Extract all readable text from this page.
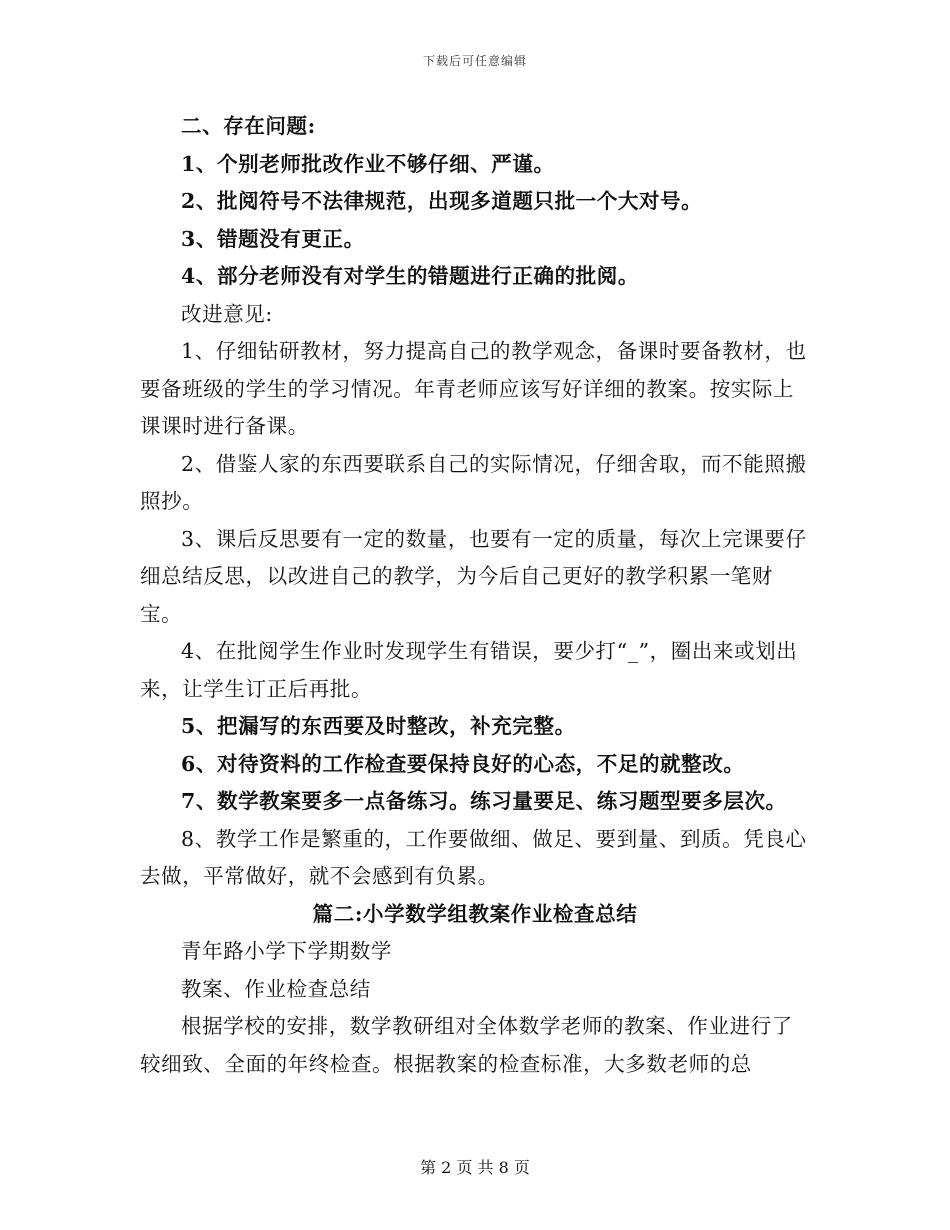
下载后可任意编辑

二、存在问题:

1、个别老师批改作业不够仔细、严谨。

2、批阅符号不法律规范，出现多道题只批一个大对号。

3、错题没有更正。

4、部分老师没有对学生的错题进行正确的批阅。

改进意见:

1、仔细钻研教材，努力提高自己的教学观念，备课时要备教材，也要备班级的学生的学习情况。年青老师应该写好详细的教案。按实际上课课时进行备课。

2、借鉴人家的东西要联系自己的实际情况，仔细舍取，而不能照搬照抄。

3、课后反思要有一定的数量，也要有一定的质量，每次上完课要仔细总结反思，以改进自己的教学，为今后自己更好的教学积累一笔财宝。

4、在批阅学生作业时发现学生有错误，要少打“_”，圈出来或划出来，让学生订正后再批。

5、把漏写的东西要及时整改，补充完整。

6、对待资料的工作检查要保持良好的心态，不足的就整改。

7、数学教案要多一点备练习。练习量要足、练习题型要多层次。

8、教学工作是繁重的，工作要做细、做足、要到量、到质。凭良心去做，平常做好，就不会感到有负累。

篇二:小学数学组教案作业检查总结

青年路小学下学期数学

教案、作业检查总结

根据学校的安排，数学教研组对全体数学老师的教案、作业进行了较细致、全面的年终检查。根据教案的检查标准，大多数老师的总

第 2 页 共 8 页
